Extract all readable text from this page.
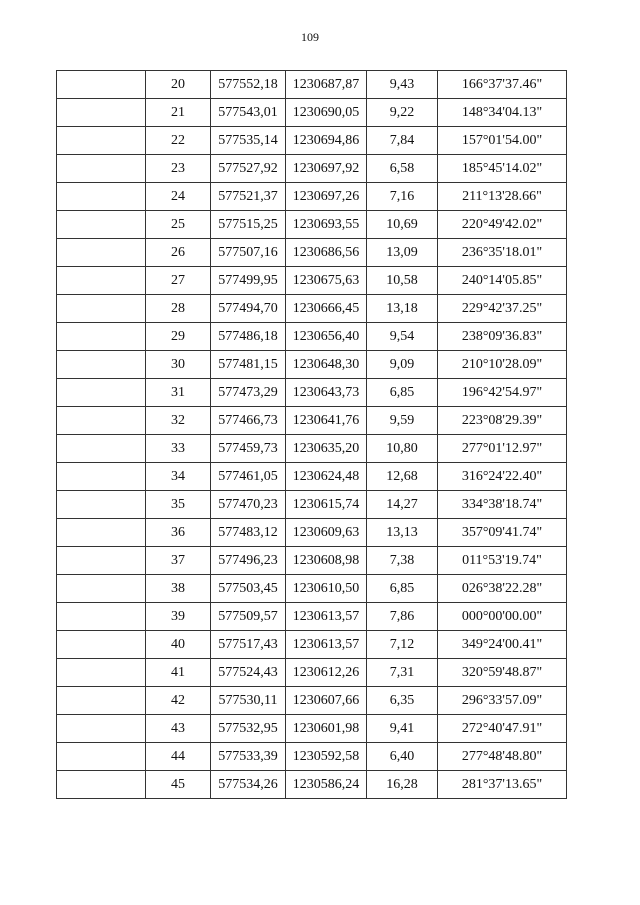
109
	20	577552,18	1230687,87	9,43	166°37'37.46"
	21	577543,01	1230690,05	9,22	148°34'04.13"
	22	577535,14	1230694,86	7,84	157°01'54.00"
	23	577527,92	1230697,92	6,58	185°45'14.02"
	24	577521,37	1230697,26	7,16	211°13'28.66"
	25	577515,25	1230693,55	10,69	220°49'42.02"
	26	577507,16	1230686,56	13,09	236°35'18.01"
	27	577499,95	1230675,63	10,58	240°14'05.85"
	28	577494,70	1230666,45	13,18	229°42'37.25"
	29	577486,18	1230656,40	9,54	238°09'36.83"
	30	577481,15	1230648,30	9,09	210°10'28.09"
	31	577473,29	1230643,73	6,85	196°42'54.97"
	32	577466,73	1230641,76	9,59	223°08'29.39"
	33	577459,73	1230635,20	10,80	277°01'12.97"
	34	577461,05	1230624,48	12,68	316°24'22.40"
	35	577470,23	1230615,74	14,27	334°38'18.74"
	36	577483,12	1230609,63	13,13	357°09'41.74"
	37	577496,23	1230608,98	7,38	011°53'19.74"
	38	577503,45	1230610,50	6,85	026°38'22.28"
	39	577509,57	1230613,57	7,86	000°00'00.00"
	40	577517,43	1230613,57	7,12	349°24'00.41"
	41	577524,43	1230612,26	7,31	320°59'48.87"
	42	577530,11	1230607,66	6,35	296°33'57.09"
	43	577532,95	1230601,98	9,41	272°40'47.91"
	44	577533,39	1230592,58	6,40	277°48'48.80"
	45	577534,26	1230586,24	16,28	281°37'13.65"
